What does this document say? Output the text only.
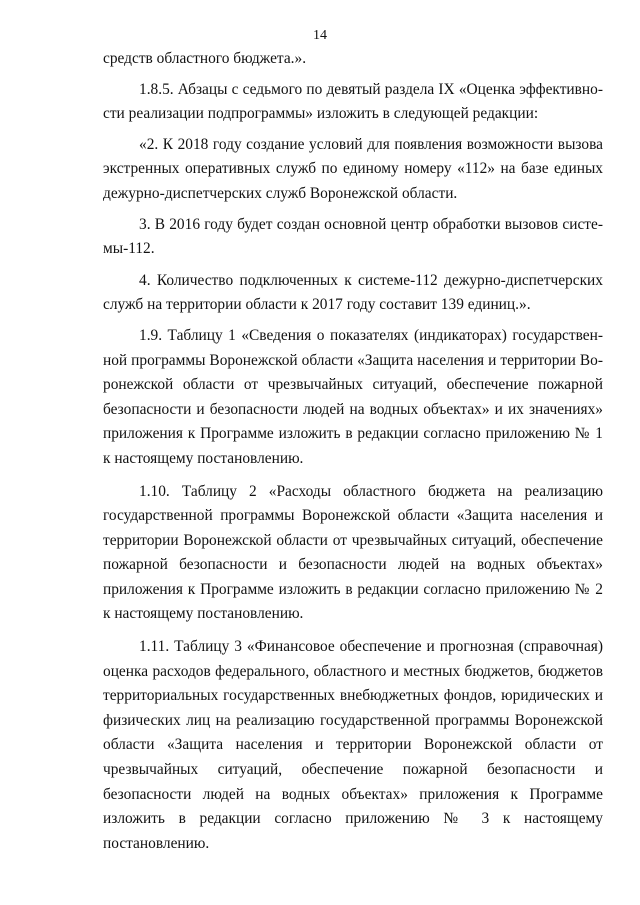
14

средств областного бюджета.».

1.8.5. Абзацы с седьмого по девятый раздела IX «Оценка эффективности реализации подпрограммы» изложить в следующей редакции:

«2. К 2018 году создание условий для появления возможности вызова экстренных оперативных служб по единому номеру «112» на базе единых дежурно-диспетчерских служб Воронежской области.

3. В 2016 году будет создан основной центр обработки вызовов системы-112.

4. Количество подключенных к системе-112 дежурно-диспетчерских служб на территории области к 2017 году составит 139 единиц.».

1.9. Таблицу 1 «Сведения о показателях (индикаторах) государственной программы Воронежской области «Защита населения и территории Воронежской области от чрезвычайных ситуаций, обеспечение пожарной безопасности и безопасности людей на водных объектах» и их значениях» приложения к Программе изложить в редакции согласно приложению № 1 к настоящему постановлению.

1.10. Таблицу 2 «Расходы областного бюджета на реализацию государственной программы Воронежской области «Защита населения и территории Воронежской области от чрезвычайных ситуаций, обеспечение пожарной безопасности и безопасности людей на водных объектах» приложения к Программе изложить в редакции согласно приложению № 2 к настоящему постановлению.

1.11. Таблицу 3 «Финансовое обеспечение и прогнозная (справочная) оценка расходов федерального, областного и местных бюджетов, бюджетов территориальных государственных внебюджетных фондов, юридических и физических лиц на реализацию государственной программы Воронежской области «Защита населения и территории Воронежской области от чрезвычайных ситуаций, обеспечение пожарной безопасности и безопасности людей на водных объектах» приложения к Программе изложить в редакции согласно приложению № 3 к настоящему постановлению.
